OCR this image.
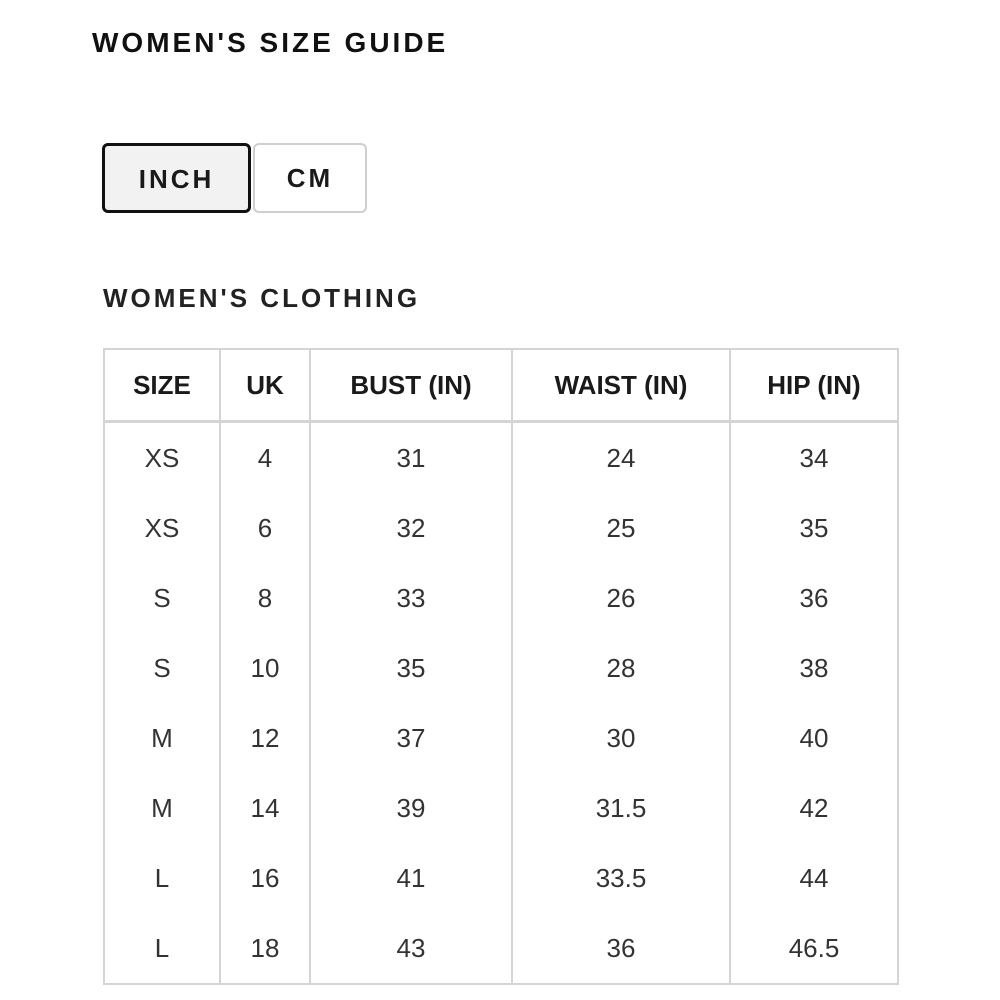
WOMEN'S SIZE GUIDE
INCH	CM
WOMEN'S CLOTHING
SIZE	UK	BUST (IN)	WAIST (IN)	HIP (IN)
XS	4	31	24	34
XS	6	32	25	35
S	8	33	26	36
S	10	35	28	38
M	12	37	30	40
M	14	39	31.5	42
L	16	41	33.5	44
L	18	43	36	46.5
